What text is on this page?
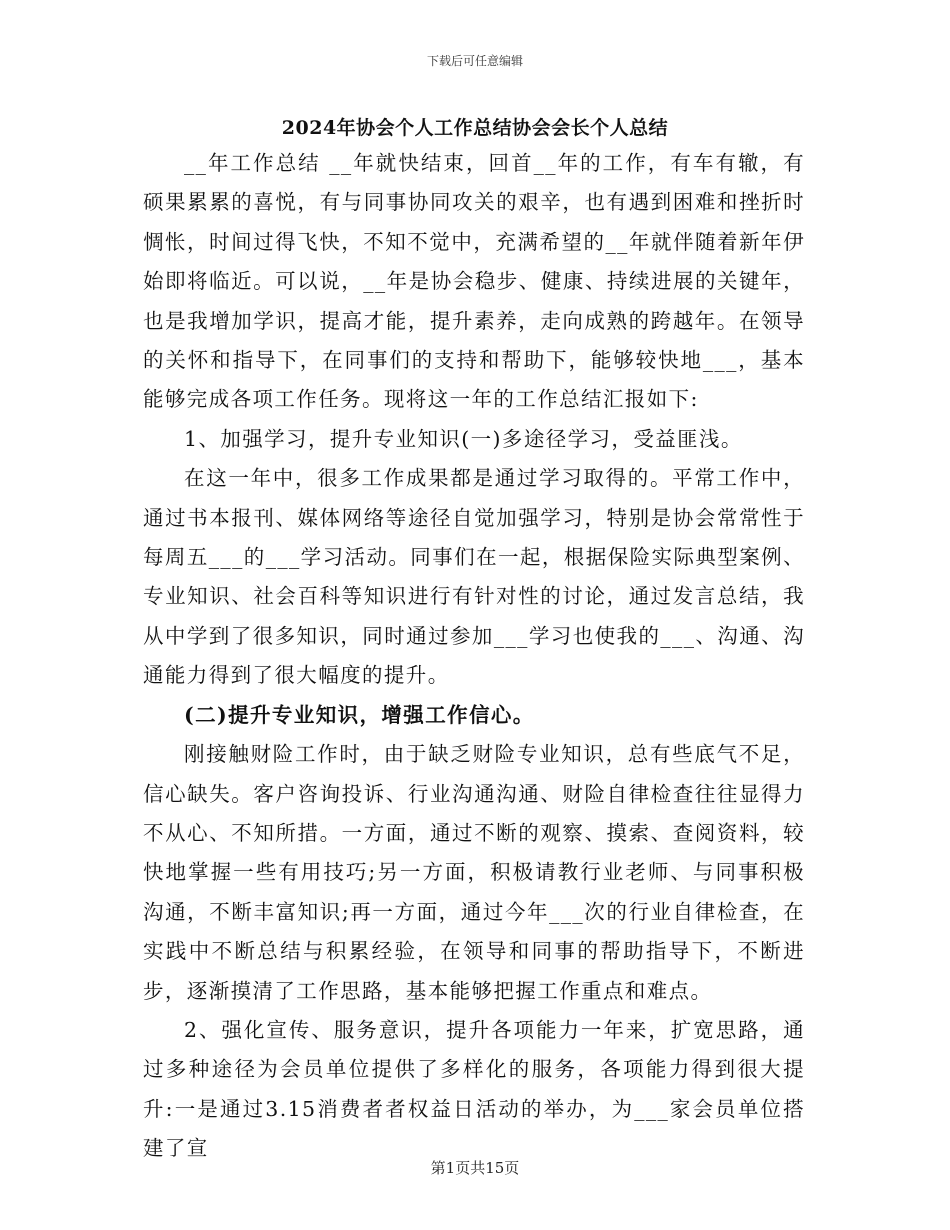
下载后可任意编辑
2024年协会个人工作总结协会会长个人总结

__年工作总结 __年就快结束，回首__年的工作，有车有辙，有硕果累累的喜悦，有与同事协同攻关的艰辛，也有遇到困难和挫折时惆怅，时间过得飞快，不知不觉中，充满希望的__年就伴随着新年伊始即将临近。可以说，__年是协会稳步、健康、持续进展的关键年，也是我增加学识，提高才能，提升素养，走向成熟的跨越年。在领导的关怀和指导下，在同事们的支持和帮助下，能够较快地___，基本能够完成各项工作任务。现将这一年的工作总结汇报如下:

1、加强学习，提升专业知识(一)多途径学习，受益匪浅。

在这一年中，很多工作成果都是通过学习取得的。平常工作中，通过书本报刊、媒体网络等途径自觉加强学习，特别是协会常常性于每周五___的___学习活动。同事们在一起，根据保险实际典型案例、专业知识、社会百科等知识进行有针对性的讨论，通过发言总结，我从中学到了很多知识，同时通过参加___学习也使我的___、沟通、沟通能力得到了很大幅度的提升。

(二)提升专业知识，增强工作信心。

刚接触财险工作时，由于缺乏财险专业知识，总有些底气不足，信心缺失。客户咨询投诉、行业沟通沟通、财险自律检查往往显得力不从心、不知所措。一方面，通过不断的观察、摸索、查阅资料，较快地掌握一些有用技巧;另一方面，积极请教行业老师、与同事积极沟通，不断丰富知识;再一方面，通过今年___次的行业自律检查，在实践中不断总结与积累经验，在领导和同事的帮助指导下，不断进步，逐渐摸清了工作思路，基本能够把握工作重点和难点。

2、强化宣传、服务意识，提升各项能力一年来，扩宽思路，通过多种途径为会员单位提供了多样化的服务，各项能力得到很大提升:一是通过3.15消费者者权益日活动的举办，为___家会员单位搭建了宣

第1页共15页
